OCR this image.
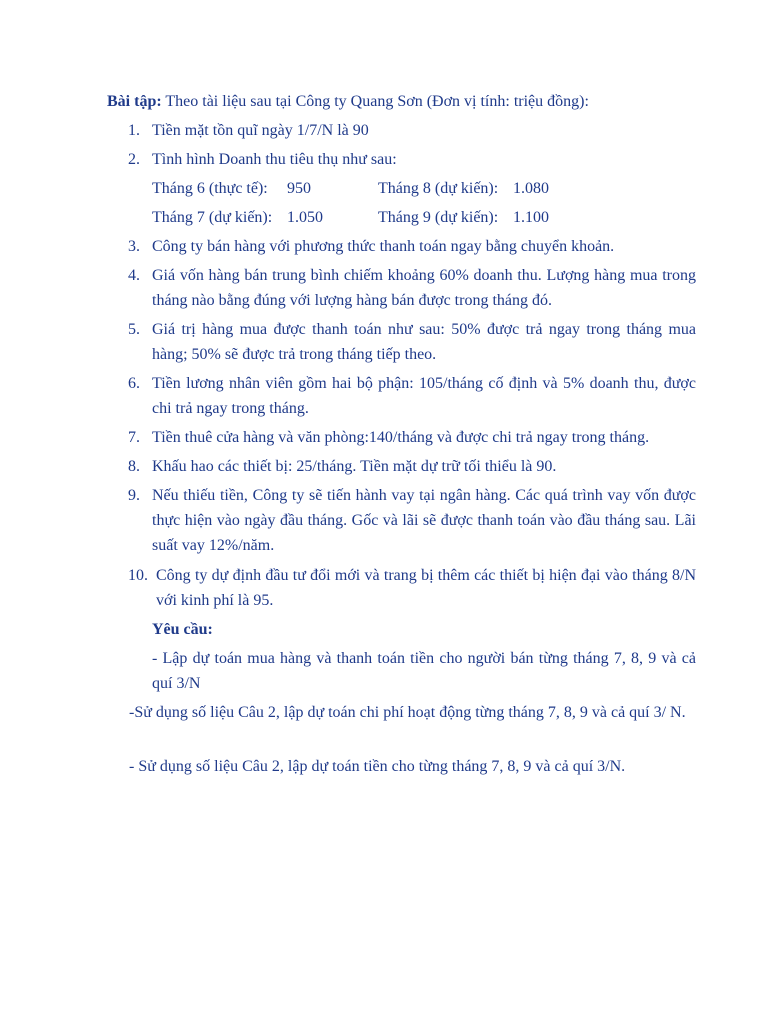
Bài tập: Theo tài liệu sau tại Công ty Quang Sơn (Đơn vị tính: triệu đồng):
1. Tiền mặt tồn quĩ ngày 1/7/N là 90
2. Tình hình Doanh thu tiêu thụ như sau:
Tháng 6 (thực tế): 950	Tháng 8 (dự kiến): 1.080
Tháng 7 (dự kiến): 1.050	Tháng 9 (dự kiến): 1.100
3. Công ty bán hàng với phương thức thanh toán ngay bằng chuyển khoản.
4. Giá vốn hàng bán trung bình chiếm khoảng 60% doanh thu. Lượng hàng mua trong tháng nào bằng đúng với lượng hàng bán được trong tháng đó.
5. Giá trị hàng mua được thanh toán như sau: 50% được trả ngay trong tháng mua hàng; 50% sẽ được trả trong tháng tiếp theo.
6. Tiền lương nhân viên gồm hai bộ phận: 105/tháng cố định và 5% doanh thu, được chi trả ngay trong tháng.
7. Tiền thuê cửa hàng và văn phòng:140/tháng và được chi trả ngay trong tháng.
8. Khấu hao các thiết bị: 25/tháng. Tiền mặt dự trữ tối thiểu là 90.
9. Nếu thiếu tiền, Công ty sẽ tiến hành vay tại ngân hàng. Các quá trình vay vốn được thực hiện vào ngày đầu tháng. Gốc và lãi sẽ được thanh toán vào đầu tháng sau. Lãi suất vay 12%/năm.
10. Công ty dự định đầu tư đổi mới và trang bị thêm các thiết bị hiện đại vào tháng 8/N với kinh phí là 95.
Yêu cầu:
- Lập dự toán mua hàng và thanh toán tiền cho người bán từng tháng 7, 8, 9 và cả quí 3/N
-Sử dụng số liệu Câu 2, lập dự toán chi phí hoạt động từng tháng 7, 8, 9 và cả quí 3/ N.
- Sử dụng số liệu Câu 2, lập dự toán tiền cho từng tháng 7, 8, 9 và cả quí 3/N.
